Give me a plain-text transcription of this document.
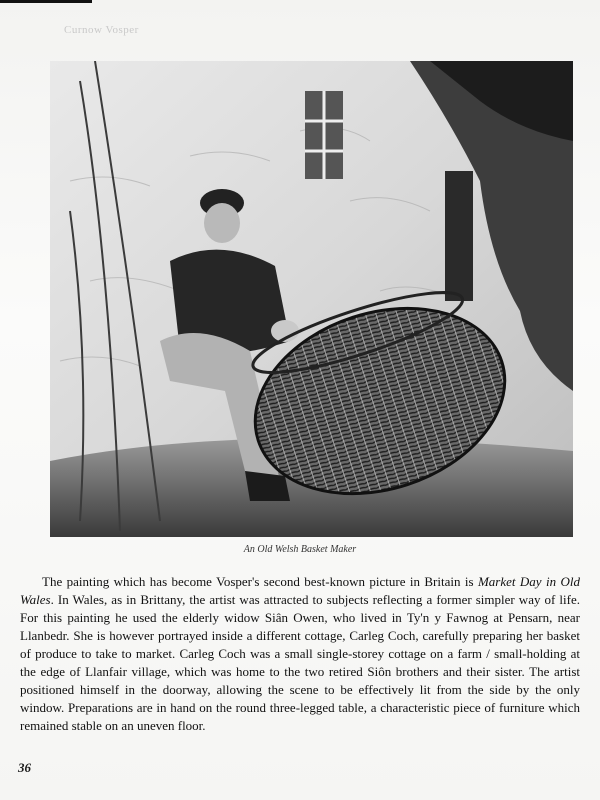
Curnow Vosper
An Old Welsh Basket Maker

The painting which has become Vosper's second best-known picture in Britain is Market Day in Old Wales. In Wales, as in Brittany, the artist was attracted to subjects reflecting a former simpler way of life. For this painting he used the elderly widow Siân Owen, who lived in Ty'n y Fawnog at Pensarn, near Llanbedr. She is however portrayed inside a different cottage, Carleg Coch, carefully preparing her basket of produce to take to market. Carleg Coch was a small single-storey cottage on a farm / small-holding at the edge of Llanfair village, which was home to the two retired Siôn brothers and their sister. The artist positioned himself in the doorway, allowing the scene to be effectively lit from the side by the only window. Preparations are in hand on the round three-legged table, a characteristic piece of furniture which remained stable on an uneven floor.

36
